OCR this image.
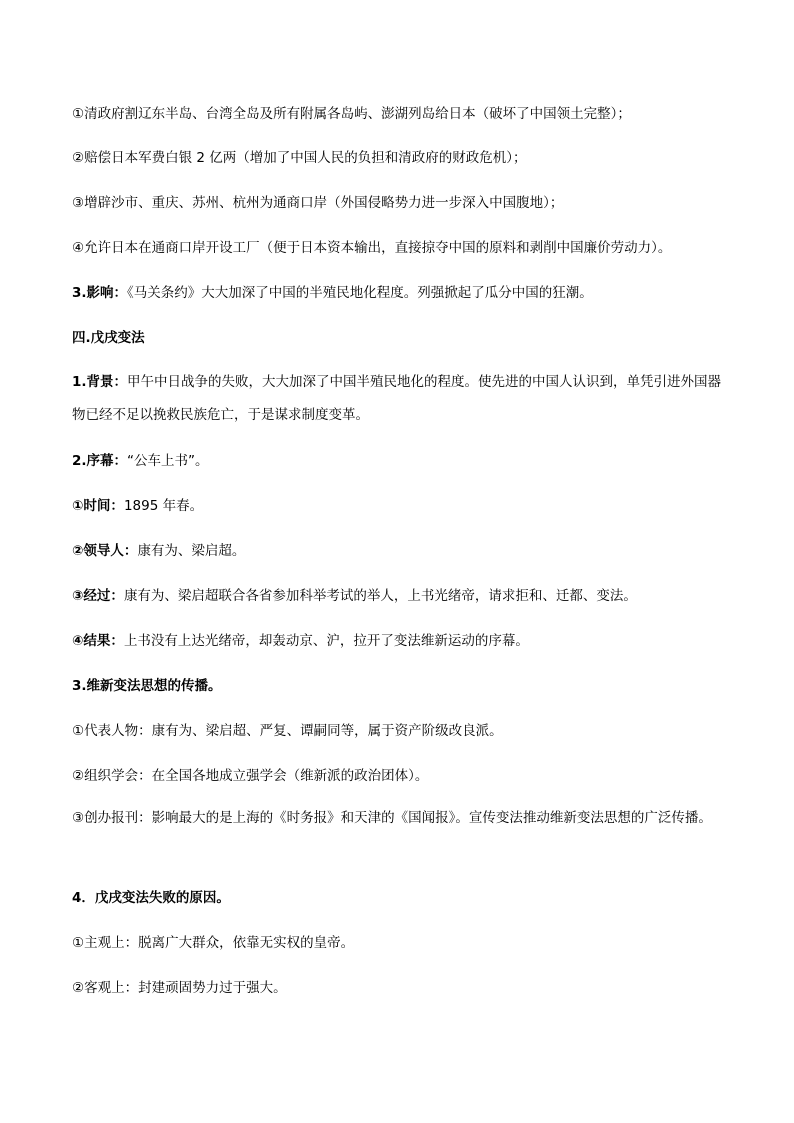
①清政府割辽东半岛、台湾全岛及所有附属各岛屿、澎湖列岛给日本（破坏了中国领土完整）；
②赔偿日本军费白银 2 亿两（增加了中国人民的负担和清政府的财政危机）；
③增辟沙市、重庆、苏州、杭州为通商口岸（外国侵略势力进一步深入中国腹地）；
④允许日本在通商口岸开设工厂（便于日本资本输出，直接掠夺中国的原料和剥削中国廉价劳动力）。
3.影响：《马关条约》大大加深了中国的半殖民地化程度。列强掀起了瓜分中国的狂潮。
四.戊戌变法
1.背景：甲午中日战争的失败，大大加深了中国半殖民地化的程度。使先进的中国人认识到，单凭引进外国器物已经不足以挽救民族危亡，于是谋求制度变革。
2.序幕：“公车上书”。
①时间：1895 年春。
②领导人：康有为、梁启超。
③经过：康有为、梁启超联合各省参加科举考试的举人，上书光绪帝，请求拒和、迁都、变法。
④结果：上书没有上达光绪帝，却轰动京、沪，拉开了变法维新运动的序幕。
3.维新变法思想的传播。
①代表人物：康有为、梁启超、严复、谭嗣同等，属于资产阶级改良派。
②组织学会：在全国各地成立强学会（维新派的政治团体）。
③创办报刊：影响最大的是上海的《时务报》和天津的《国闻报》。宣传变法推动维新变法思想的广泛传播。
4．戊戌变法失败的原因。
①主观上：脱离广大群众，依靠无实权的皇帝。
②客观上：封建顽固势力过于强大。
